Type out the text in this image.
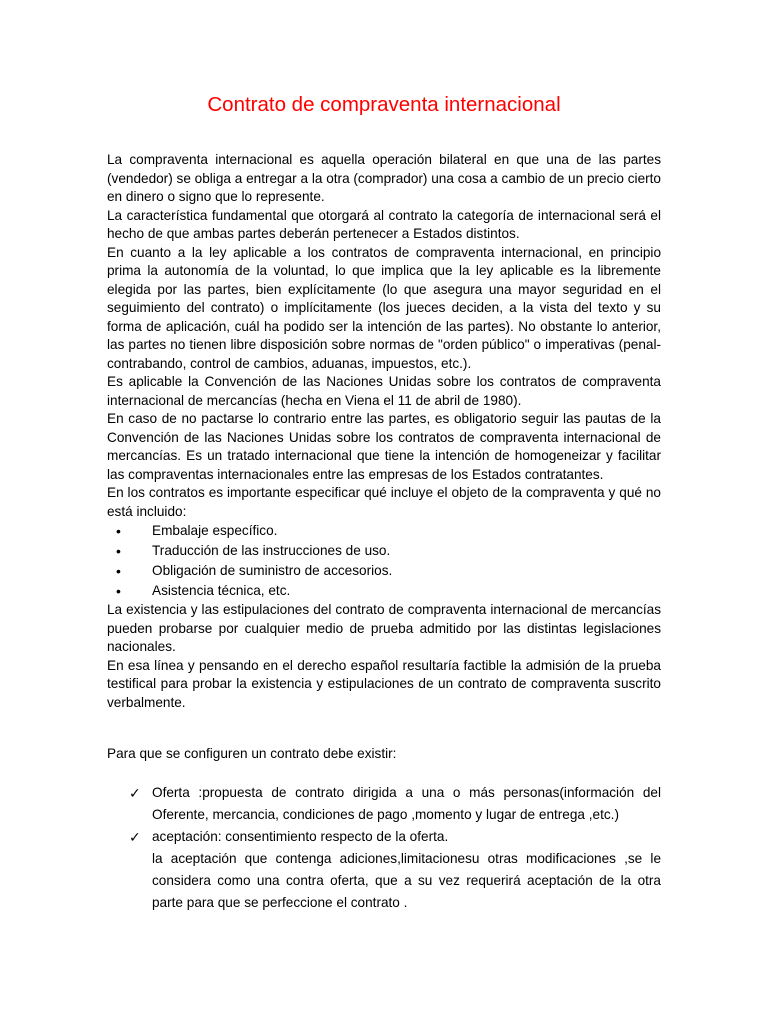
Contrato de compraventa internacional

La compraventa internacional es aquella operación bilateral en que una de las partes (vendedor) se obliga a entregar a la otra (comprador) una cosa a cambio de un precio cierto en dinero o signo que lo represente.

La característica fundamental que otorgará al contrato la categoría de internacional será el hecho de que ambas partes deberán pertenecer a Estados distintos.

En cuanto a la ley aplicable a los contratos de compraventa internacional, en principio prima la autonomía de la voluntad, lo que implica que la ley aplicable es la libremente elegida por las partes, bien explícitamente (lo que asegura una mayor seguridad en el seguimiento del contrato) o implícitamente (los jueces deciden, a la vista del texto y su forma de aplicación, cuál ha podido ser la intención de las partes). No obstante lo anterior, las partes no tienen libre disposición sobre normas de "orden público" o imperativas (penal-contrabando, control de cambios, aduanas, impuestos, etc.).

Es aplicable la Convención de las Naciones Unidas sobre los contratos de compraventa internacional de mercancías (hecha en Viena el 11 de abril de 1980).

En caso de no pactarse lo contrario entre las partes, es obligatorio seguir las pautas de la Convención de las Naciones Unidas sobre los contratos de compraventa internacional de mercancías. Es un tratado internacional que tiene la intención de homogeneizar y facilitar las compraventas internacionales entre las empresas de los Estados contratantes.

En los contratos es importante especificar qué incluye el objeto de la compraventa y qué no está incluido:

• Embalaje específico.
• Traducción de las instrucciones de uso.
• Obligación de suministro de accesorios.
• Asistencia técnica, etc.

La existencia y las estipulaciones del contrato de compraventa internacional de mercancías pueden probarse por cualquier medio de prueba admitido por las distintas legislaciones nacionales.

En esa línea y pensando en el derecho español resultaría factible la admisión de la prueba testifical para probar la existencia y estipulaciones de un contrato de compraventa suscrito verbalmente.

Para que se configuren un contrato debe existir:

✓ Oferta :propuesta de contrato dirigida a una o más personas(información del Oferente, mercancia, condiciones de pago ,momento y lugar de entrega ,etc.)

✓ aceptación: consentimiento respecto de la oferta.

la aceptación que contenga adiciones,limitacionesu otras modificaciones ,se le considera como una contra oferta, que a su vez requerirá aceptación de la otra parte para que se perfeccione el contrato .
